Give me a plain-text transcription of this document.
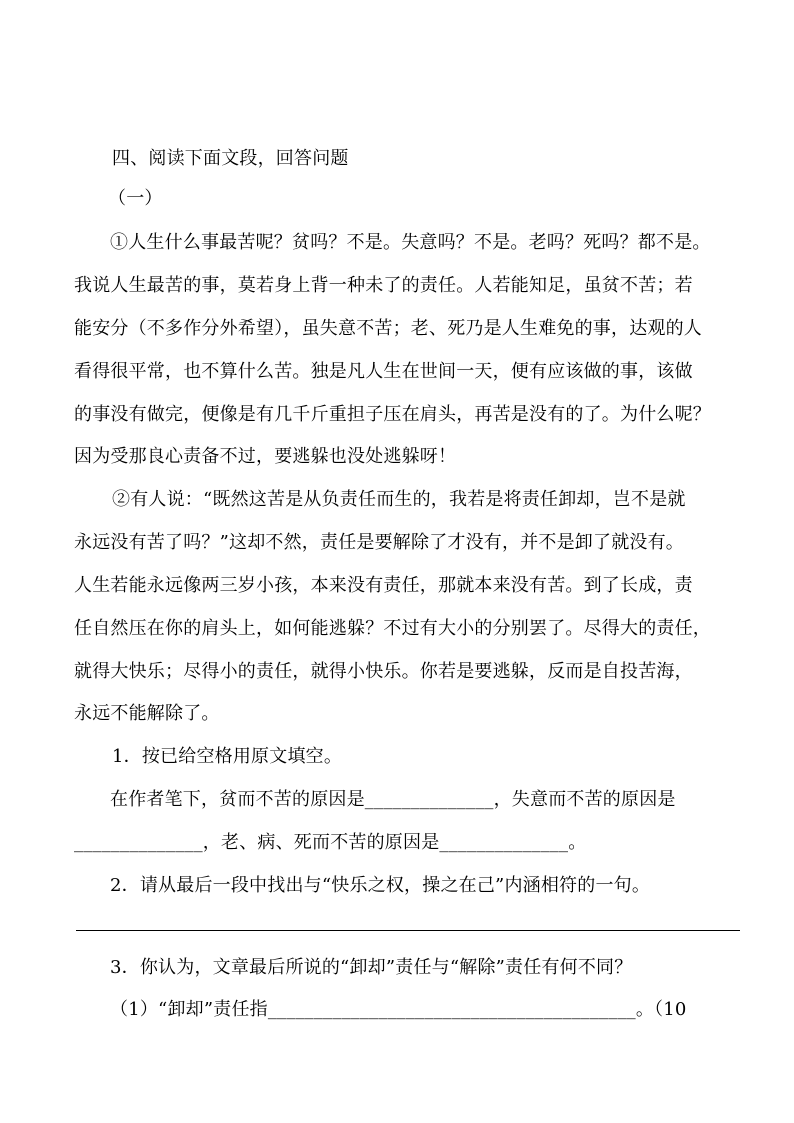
四、阅读下面文段，回答问题
（一）
①人生什么事最苦呢？贫吗？不是。失意吗？不是。老吗？死吗？都不是。
我说人生最苦的事，莫若身上背一种未了的责任。人若能知足，虽贫不苦；若
能安分（不多作分外希望），虽失意不苦；老、死乃是人生难免的事，达观的人
看得很平常，也不算什么苦。独是凡人生在世间一天，便有应该做的事，该做
的事没有做完，便像是有几千斤重担子压在肩头，再苦是没有的了。为什么呢？
因为受那良心责备不过，要逃躲也没处逃躲呀！
②有人说：“既然这苦是从负责任而生的，我若是将责任卸却，岂不是就
永远没有苦了吗？”这却不然，责任是要解除了才没有，并不是卸了就没有。
人生若能永远像两三岁小孩，本来没有责任，那就本来没有苦。到了长成，责
任自然压在你的肩头上，如何能逃躲？不过有大小的分别罢了。尽得大的责任，
就得大快乐；尽得小的责任，就得小快乐。你若是要逃躲，反而是自投苦海，
永远不能解除了。
1．按已给空格用原文填空。
在作者笔下，贫而不苦的原因是______________，失意而不苦的原因是
______________，老、病、死而不苦的原因是______________。
2．请从最后一段中找出与“快乐之权，操之在己”内涵相符的一句。
3．你认为，文章最后所说的“卸却”责任与“解除”责任有何不同？
（1）“卸却”责任指________________________________________。（10
